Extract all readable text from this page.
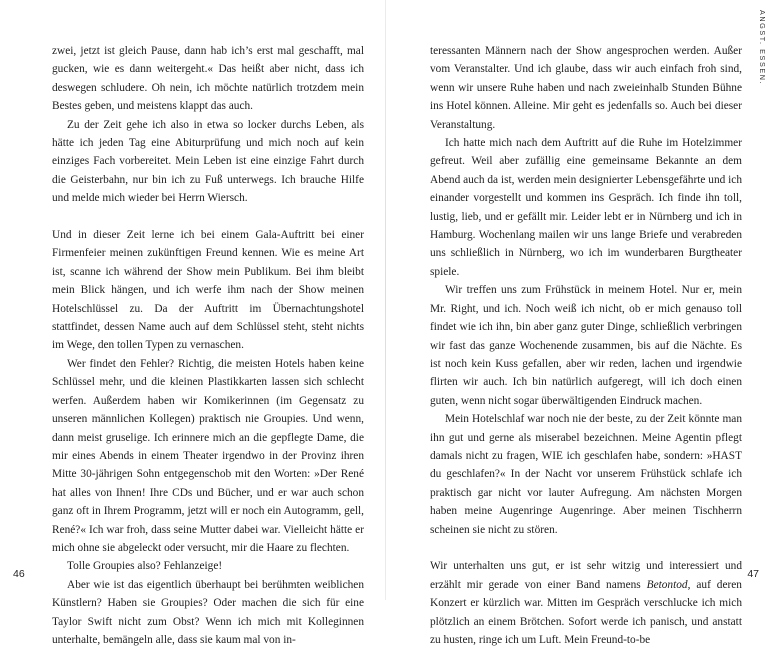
zwei, jetzt ist gleich Pause, dann hab ich’s erst mal geschafft, mal gucken, wie es dann weitergeht.« Das heißt aber nicht, dass ich deswegen schludere. Oh nein, ich möchte natürlich trotzdem mein Bestes geben, und meistens klappt das auch.

Zu der Zeit gehe ich also in etwa so locker durchs Leben, als hätte ich jeden Tag eine Abiturprüfung und mich noch auf kein einziges Fach vorbereitet. Mein Leben ist eine einzige Fahrt durch die Geisterbahn, nur bin ich zu Fuß unterwegs. Ich brauche Hilfe und melde mich wieder bei Herrn Wiersch.

Und in dieser Zeit lerne ich bei einem Gala-Auftritt bei einer Firmenfeier meinen zukünftigen Freund kennen. Wie es meine Art ist, scanne ich während der Show mein Publikum. Bei ihm bleibt mein Blick hängen, und ich werfe ihm nach der Show meinen Hotelschlüssel zu. Da der Auftritt im Übernachtungshotel stattfindet, dessen Name auch auf dem Schlüssel steht, steht nichts im Wege, den tollen Typen zu vernaschen.

Wer findet den Fehler? Richtig, die meisten Hotels haben keine Schlüssel mehr, und die kleinen Plastikkarten lassen sich schlecht werfen. Außerdem haben wir Komikerinnen (im Gegensatz zu unseren männlichen Kollegen) praktisch nie Groupies. Und wenn, dann meist gruselige. Ich erinnere mich an die gepflegte Dame, die mir eines Abends in einem Theater irgendwo in der Provinz ihren Mitte 30-jährigen Sohn entgegenschob mit den Worten: »Der René hat alles von Ihnen! Ihre CDs und Bücher, und er war auch schon ganz oft in Ihrem Programm, jetzt will er noch ein Autogramm, gell, René?« Ich war froh, dass seine Mutter dabei war. Vielleicht hätte er mich ohne sie abgeleckt oder versucht, mir die Haare zu flechten.

Tolle Groupies also? Fehlanzeige!

Aber wie ist das eigentlich überhaupt bei berühmten weiblichen Künstlern? Haben sie Groupies? Oder machen die sich für eine Taylor Swift nicht zum Obst? Wenn ich mich mit Kolleginnen unterhalte, bemängeln alle, dass sie kaum mal von in-

46
ANGST. ESSEN.

teressanten Männern nach der Show angesprochen werden. Außer vom Veranstalter. Und ich glaube, dass wir auch einfach froh sind, wenn wir unsere Ruhe haben und nach zweieinhalb Stunden Bühne ins Hotel können. Alleine. Mir geht es jedenfalls so. Auch bei dieser Veranstaltung.

Ich hatte mich nach dem Auftritt auf die Ruhe im Hotelzimmer gefreut. Weil aber zufällig eine gemeinsame Bekannte an dem Abend auch da ist, werden mein designierter Lebensgefährte und ich einander vorgestellt und kommen ins Gespräch. Ich finde ihn toll, lustig, lieb, und er gefällt mir. Leider lebt er in Nürnberg und ich in Hamburg. Wochenlang mailen wir uns lange Briefe und verabreden uns schließlich in Nürnberg, wo ich im wunderbaren Burgtheater spiele.

Wir treffen uns zum Frühstück in meinem Hotel. Nur er, mein Mr. Right, und ich. Noch weiß ich nicht, ob er mich genauso toll findet wie ich ihn, bin aber ganz guter Dinge, schließlich verbringen wir fast das ganze Wochenende zusammen, bis auf die Nächte. Es ist noch kein Kuss gefallen, aber wir reden, lachen und irgendwie flirten wir auch. Ich bin natürlich aufgeregt, will ich doch einen guten, wenn nicht sogar überwältigenden Eindruck machen.

Mein Hotelschlaf war noch nie der beste, zu der Zeit könnte man ihn gut und gerne als miserabel bezeichnen. Meine Agentin pflegt damals nicht zu fragen, WIE ich geschlafen habe, sondern: »HAST du geschlafen?« In der Nacht vor unserem Frühstück schlafe ich praktisch gar nicht vor lauter Aufregung. Am nächsten Morgen haben meine Augenringe Augenringe. Aber meinen Tischherrn scheinen sie nicht zu stören.

Wir unterhalten uns gut, er ist sehr witzig und interessiert und erzählt mir gerade von einer Band namens Betontod, auf deren Konzert er kürzlich war. Mitten im Gespräch verschlucke ich mich plötzlich an einem Brötchen. Sofort werde ich panisch, und anstatt zu husten, ringe ich um Luft. Mein Freund-to-be

47
